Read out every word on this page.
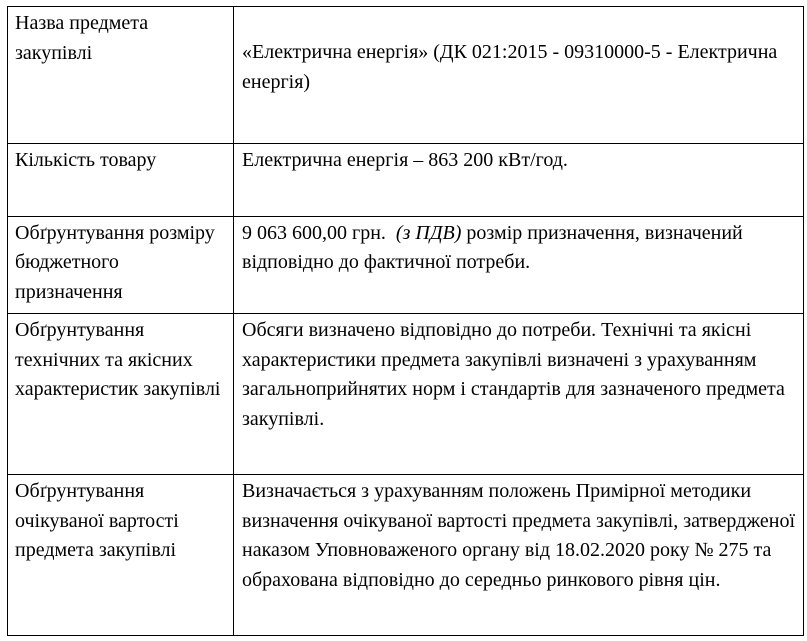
Назва предмета закупівлі	«Електрична енергія» (ДК 021:2015 - 09310000-5 - Електрична енергія)

Кількість товару	Електрична енергія – 863 200 кВт/год.

Обґрунтування розміру бюджетного призначення	9 063 600,00 грн.  (з ПДВ) розмір призначення, визначений відповідно до фактичної потреби.

Обґрунтування технічних та якісних характеристик закупівлі	Обсяги визначено відповідно до потреби. Технічні та якісні характеристики предмета закупівлі визначені з урахуванням загальноприйнятих норм і стандартів для зазначеного предмета закупівлі.

Обґрунтування очікуваної вартості предмета закупівлі	Визначається з урахуванням положень Примірної методики визначення очікуваної вартості предмета закупівлі, затвердженої наказом Уповноваженого органу від 18.02.2020 року № 275 та обрахована відповідно до середньо ринкового рівня цін.
